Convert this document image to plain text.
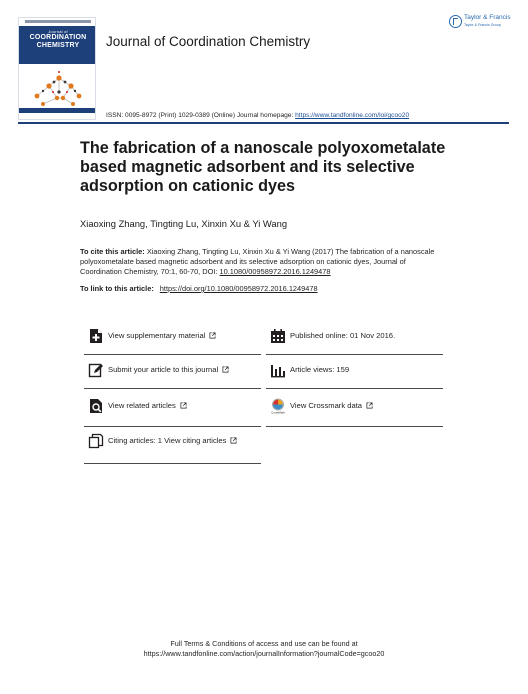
Journal of
COORDINATION CHEMISTRY	Journal of Coordination Chemistry
Taylor & Francis
Taylor & Francis Group
ISSN: 0095-8972 (Print) 1029-0389 (Online) Journal homepage: https://www.tandfonline.com/loi/gcoo20
The fabrication of a nanoscale polyoxometalate based magnetic adsorbent and its selective adsorption on cationic dyes
Xiaoxing Zhang, Tingting Lu, Xinxin Xu & Yi Wang
To cite this article: Xiaoxing Zhang, Tingting Lu, Xinxin Xu & Yi Wang (2017) The fabrication of a nanoscale polyoxometalate based magnetic adsorbent and its selective adsorption on cationic dyes, Journal of Coordination Chemistry, 70:1, 60-70, DOI: 10.1080/00958972.2016.1249478
To link to this article: https://doi.org/10.1080/00958972.2016.1249478
View supplementary material	Published online: 01 Nov 2016.
Submit your article to this journal	Article views: 159
View related articles
CrossMark
View Crossmark data
Citing articles: 1 View citing articles
Full Terms & Conditions of access and use can be found at
https://www.tandfonline.com/action/journalInformation?journalCode=gcoo20
